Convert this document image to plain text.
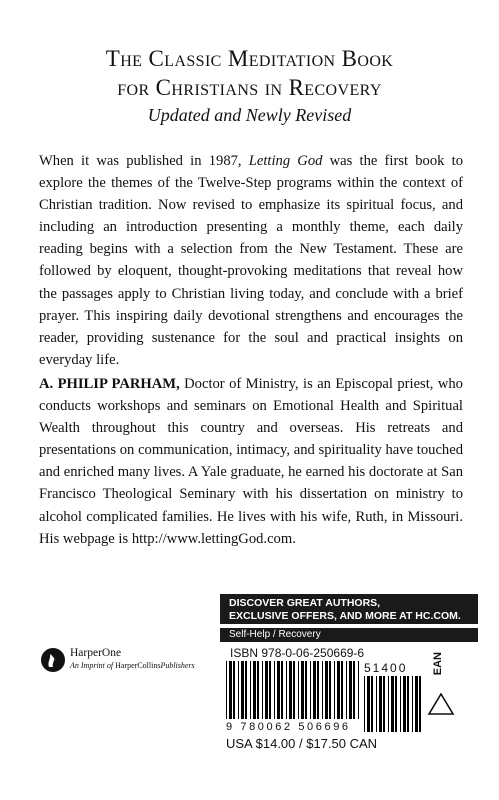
The Classic Meditation Book
for Christians in Recovery
Updated and Newly Revised

When it was published in 1987, Letting God was the first book to explore the themes of the Twelve-Step programs within the context of Christian tradition. Now revised to emphasize its spiritual focus, and including an introduction presenting a monthly theme, each daily reading begins with a selection from the New Testament. These are followed by eloquent, thought-provoking meditations that reveal how the passages apply to Christian living today, and conclude with a brief prayer. This inspiring daily devotional strengthens and encourages the reader, providing sustenance for the soul and practical insights on everyday life.

A. PHILIP PARHAM, Doctor of Ministry, is an Episcopal priest, who conducts workshops and seminars on Emotional Health and Spiritual Wealth throughout this country and overseas. His retreats and presentations on communication, intimacy, and spirituality have touched and enriched many lives. A Yale graduate, he earned his doctorate at San Francisco Theological Seminary with his dissertation on ministry to alcohol complicated families. He lives with his wife, Ruth, in Missouri. His webpage is http://www.lettingGod.com.

DISCOVER GREAT AUTHORS,
EXCLUSIVE OFFERS, AND MORE AT HC.COM.
Self-Help / Recovery
ISBN 978-0-06-250669-6	EAN
9 780062 506696
51400
USA $14.00 / $17.50 CAN
HarperOne
An Imprint of HarperCollinsPublishers
